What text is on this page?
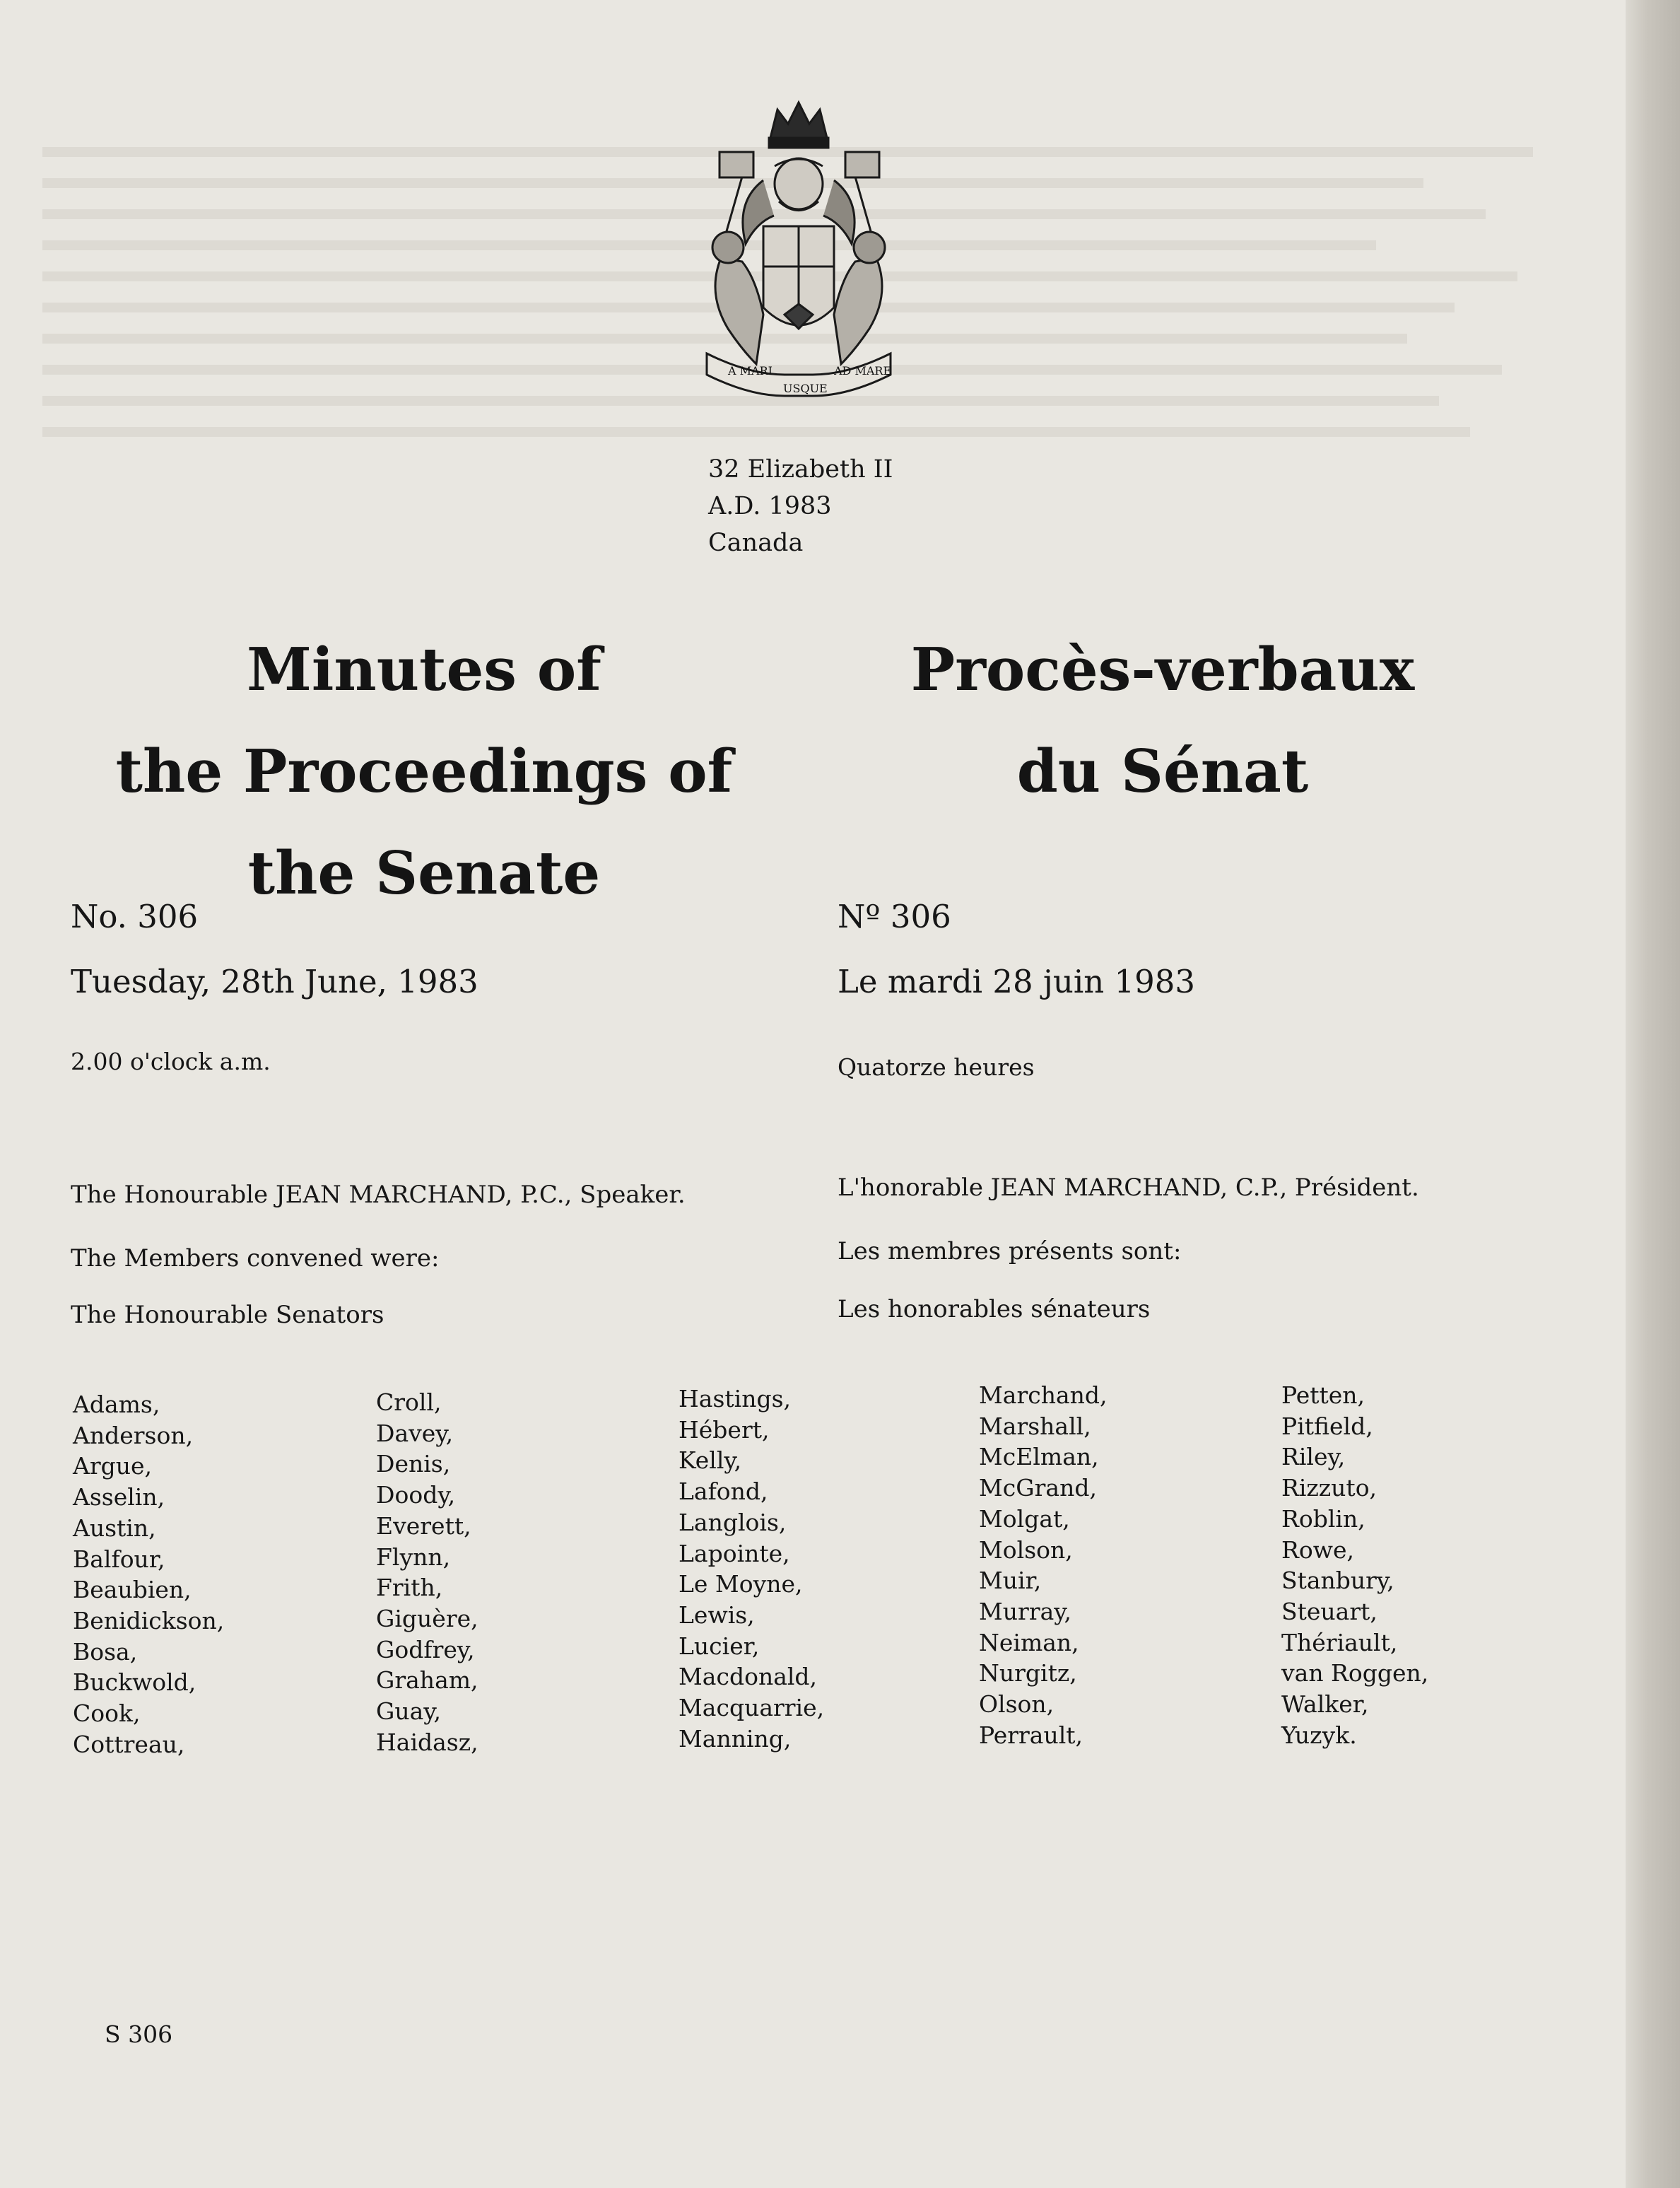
A MARI	AD MARE
USQUE
32 Elizabeth II
A.D. 1983
Canada
Minutes of
the Proceedings of
the Senate
Procès-verbaux
du Sénat
No. 306
Tuesday, 28th June, 1983
2.00 o'clock a.m.
The Honourable JEAN MARCHAND, P.C., Speaker.
The Members convened were:
The Honourable Senators
Nº 306
Le mardi 28 juin 1983
Quatorze heures
L'honorable JEAN MARCHAND, C.P., Président.
Les membres présents sont:
Les honorables sénateurs
Adams,
Anderson,
Argue,
Asselin,
Austin,
Balfour,
Beaubien,
Benidickson,
Bosa,
Buckwold,
Cook,
Cottreau,
Croll,
Davey,
Denis,
Doody,
Everett,
Flynn,
Frith,
Giguère,
Godfrey,
Graham,
Guay,
Haidasz,
Hastings,
Hébert,
Kelly,
Lafond,
Langlois,
Lapointe,
Le Moyne,
Lewis,
Lucier,
Macdonald,
Macquarrie,
Manning,
Marchand,
Marshall,
McElman,
McGrand,
Molgat,
Molson,
Muir,
Murray,
Neiman,
Nurgitz,
Olson,
Perrault,
Petten,
Pitfield,
Riley,
Rizzuto,
Roblin,
Rowe,
Stanbury,
Steuart,
Thériault,
van Roggen,
Walker,
Yuzyk.
S 306
